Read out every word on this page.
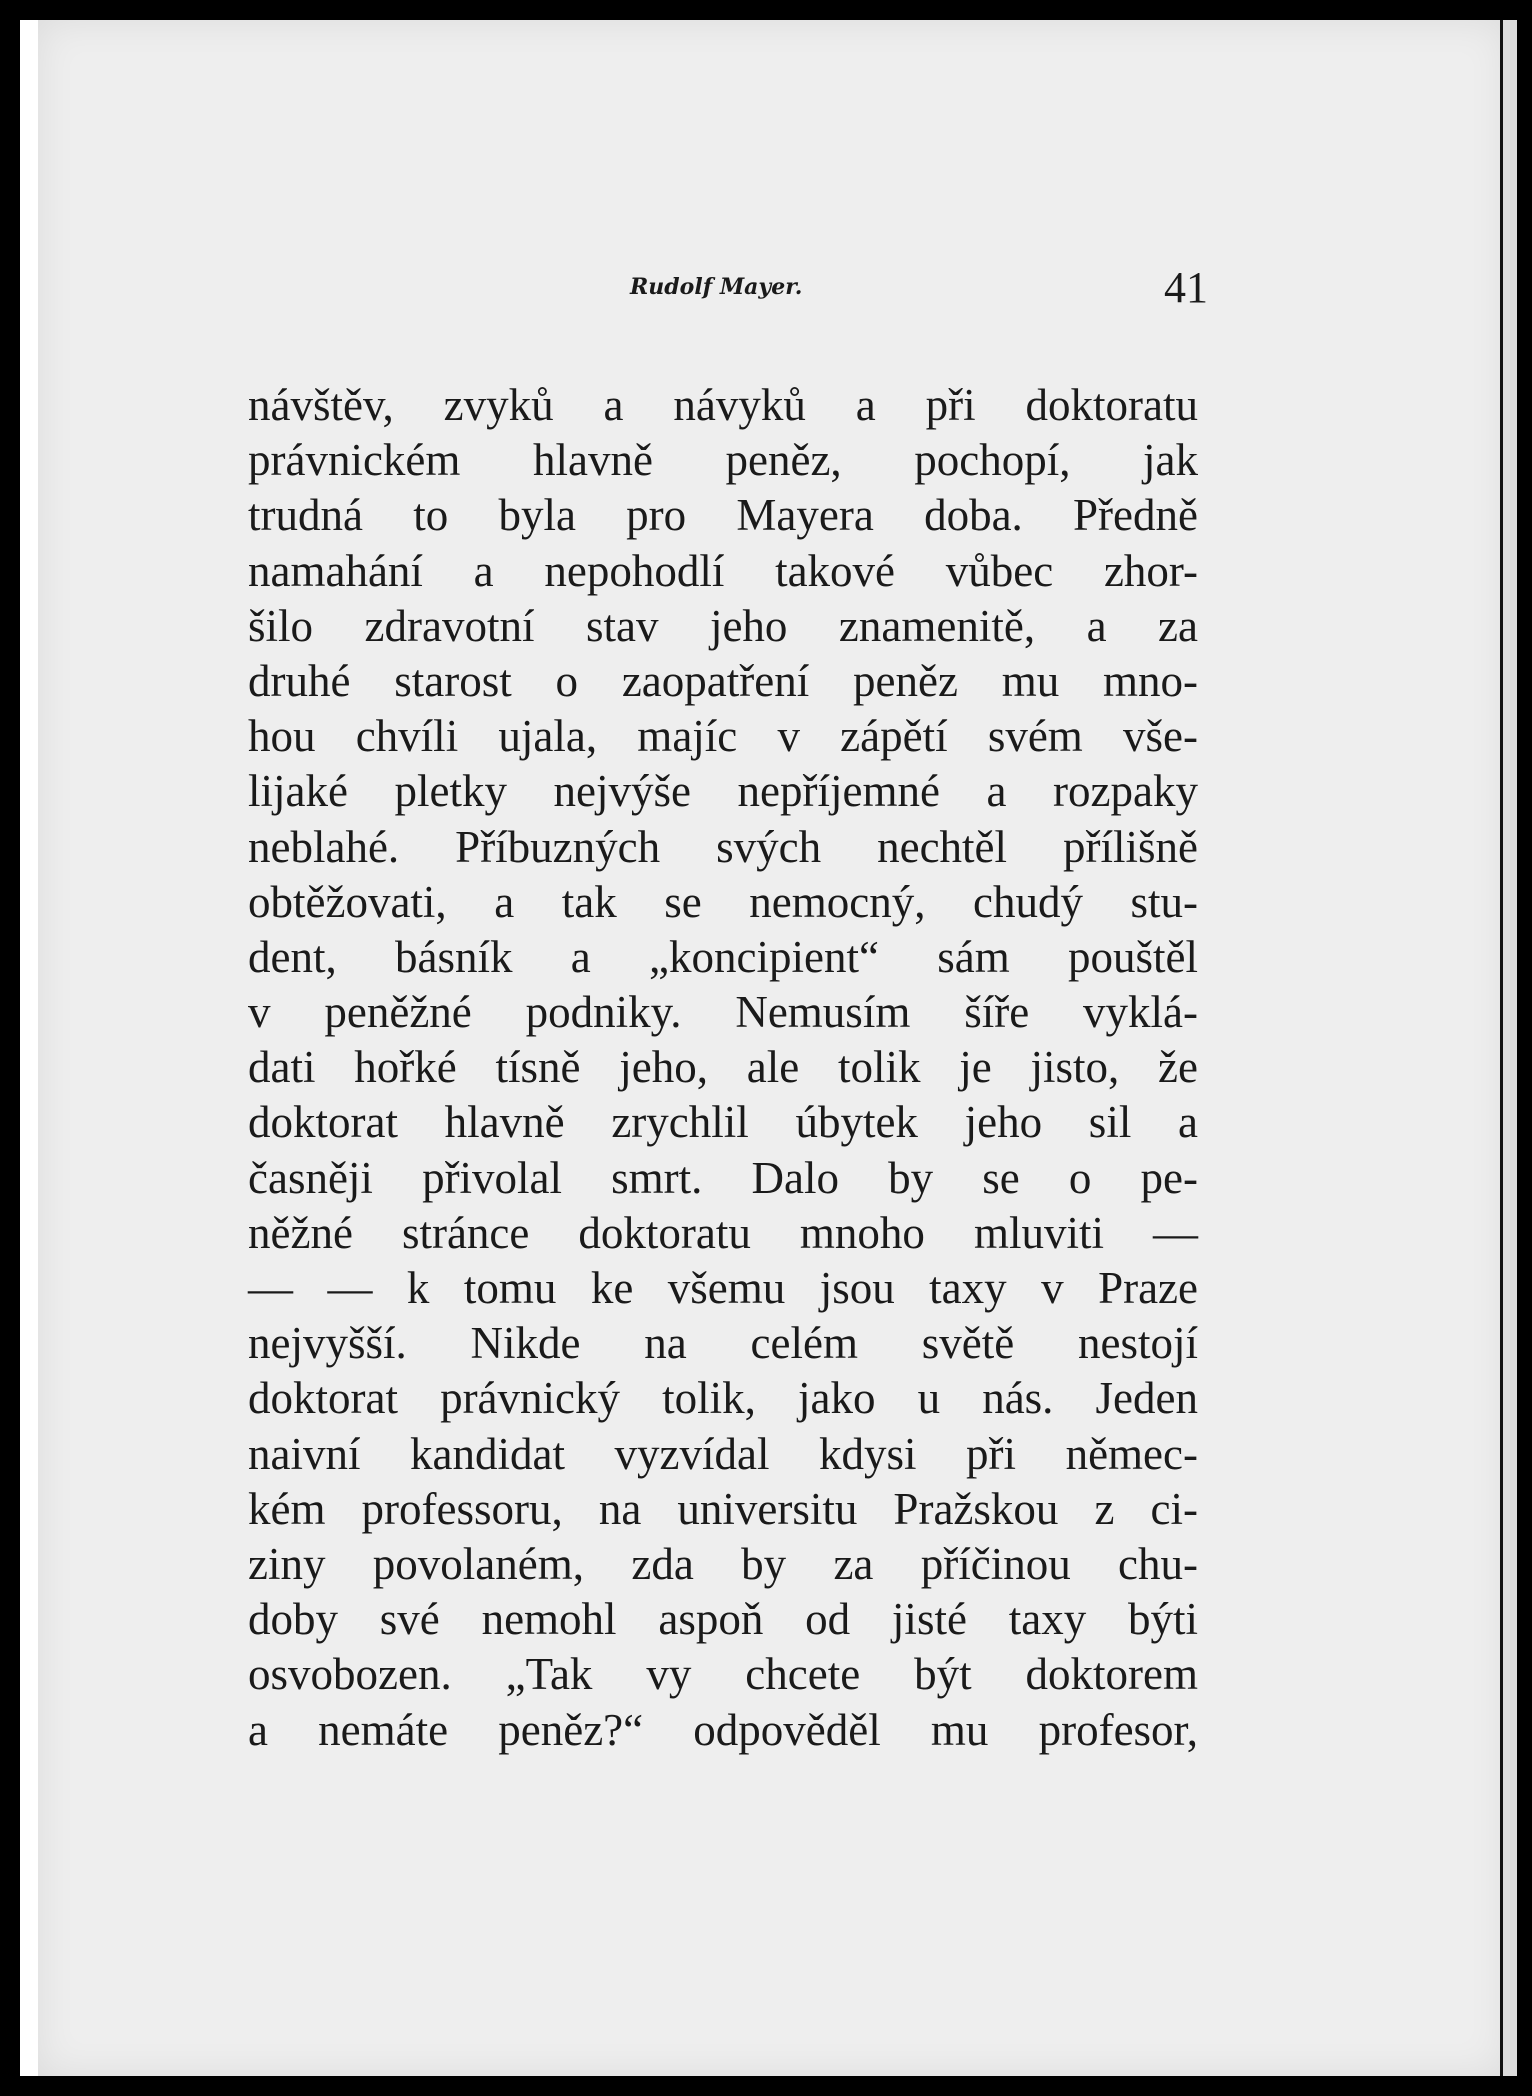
Rudolf Mayer.	41
návštěv, zvyků a návyků a při doktoratu
právnickém hlavně peněz, pochopí, jak
trudná to byla pro Mayera doba. Předně
namahání a nepohodlí takové vůbec zhor-
šilo zdravotní stav jeho znamenitě, a za
druhé starost o zaopatření peněz mu mno-
hou chvíli ujala, majíc v zápětí svém vše-
lijaké pletky nejvýše nepříjemné a rozpaky
neblahé. Příbuzných svých nechtěl přílišně
obtěžovati, a tak se nemocný, chudý stu-
dent, básník a „koncipient“ sám pouštěl
v peněžné podniky. Nemusím šíře vyklá-
dati hořké tísně jeho, ale tolik je jisto, že
doktorat hlavně zrychlil úbytek jeho sil a
časněji přivolal smrt. Dalo by se o pe-
něžné stránce doktoratu mnoho mluviti —
— — k tomu ke všemu jsou taxy v Praze
nejvyšší. Nikde na celém světě nestojí
doktorat právnický tolik, jako u nás. Jeden
naivní kandidat vyzvídal kdysi při němec-
kém professoru, na universitu Pražskou z ci-
ziny povolaném, zda by za příčinou chu-
doby své nemohl aspoň od jisté taxy býti
osvobozen. „Tak vy chcete být doktorem
a nemáte peněz?“ odpověděl mu profesor,
